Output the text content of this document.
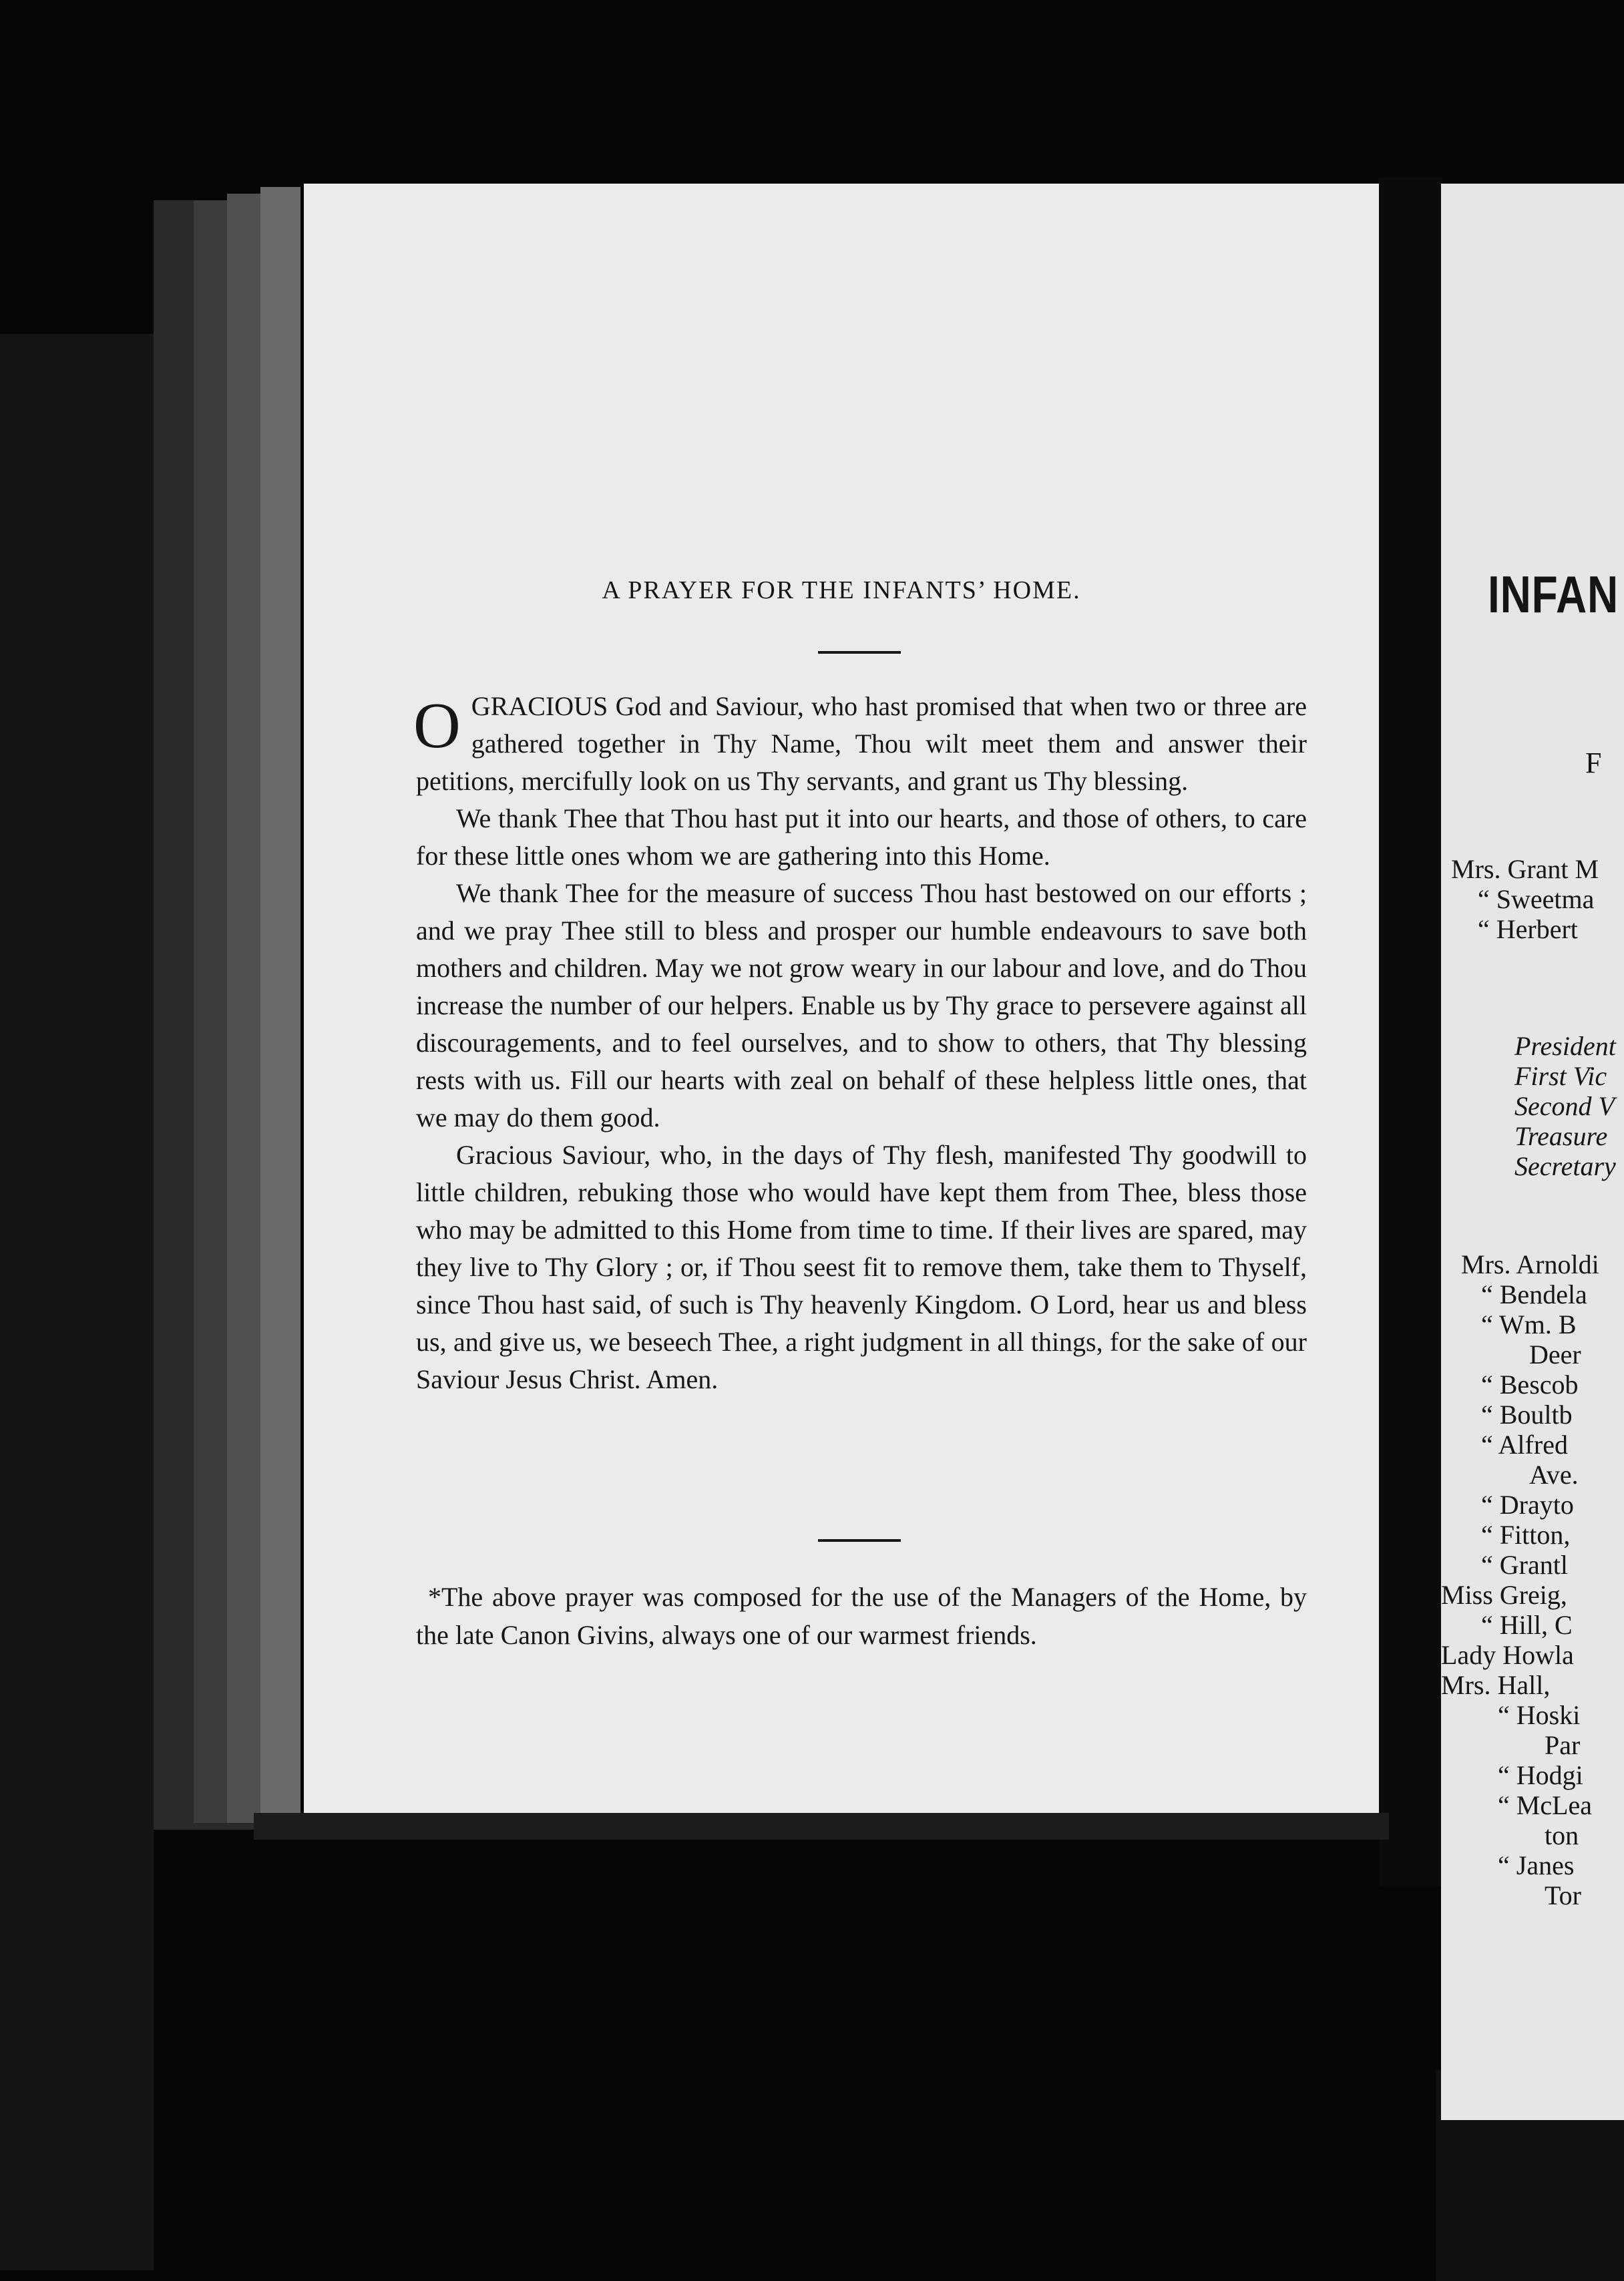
A PRAYER FOR THE INFANTS’ HOME.

OGRACIOUS God and Saviour, who hast promised that when two or three are gathered together in Thy Name, Thou wilt meet them and answer their petitions, mercifully look on us Thy servants, and grant us Thy blessing.

We thank Thee that Thou hast put it into our hearts, and those of others, to care for these little ones whom we are gathering into this Home.

We thank Thee for the measure of success Thou hast bestowed on our efforts ; and we pray Thee still to bless and prosper our humble endeavours to save both mothers and children. May we not grow weary in our labour and love, and do Thou increase the number of our helpers. Enable us by Thy grace to persevere against all discouragements, and to feel ourselves, and to show to others, that Thy blessing rests with us. Fill our hearts with zeal on behalf of these helpless little ones, that we may do them good.

Gracious Saviour, who, in the days of Thy flesh, manifested Thy goodwill to little children, rebuking those who would have kept them from Thee, bless those who may be admitted to this Home from time to time. If their lives are spared, may they live to Thy Glory ; or, if Thou seest fit to remove them, take them to Thyself, since Thou hast said, of such is Thy heavenly Kingdom. O Lord, hear us and bless us, and give us, we beseech Thee, a right judgment in all things, for the sake of our Saviour Jesus Christ. Amen.

*The above prayer was composed for the use of the Managers of the Home, by the late Canon Givins, always one of our warmest friends.

INFAN
F
Mrs. Grant M
“ Sweetma
“ Herbert
President
First Vic
Second V
Treasure
Secretary
Mrs. Arnoldi
“ Bendela
“ Wm. B
Deer
“ Bescob
“ Boultb
“ Alfred
Ave.
“ Drayto
“ Fitton,
“ Grantl
Miss Greig,
“ Hill, C
Lady Howla
Mrs. Hall,
“ Hoski
Par
“ Hodgi
“ McLea
ton
“ Janes
Tor
